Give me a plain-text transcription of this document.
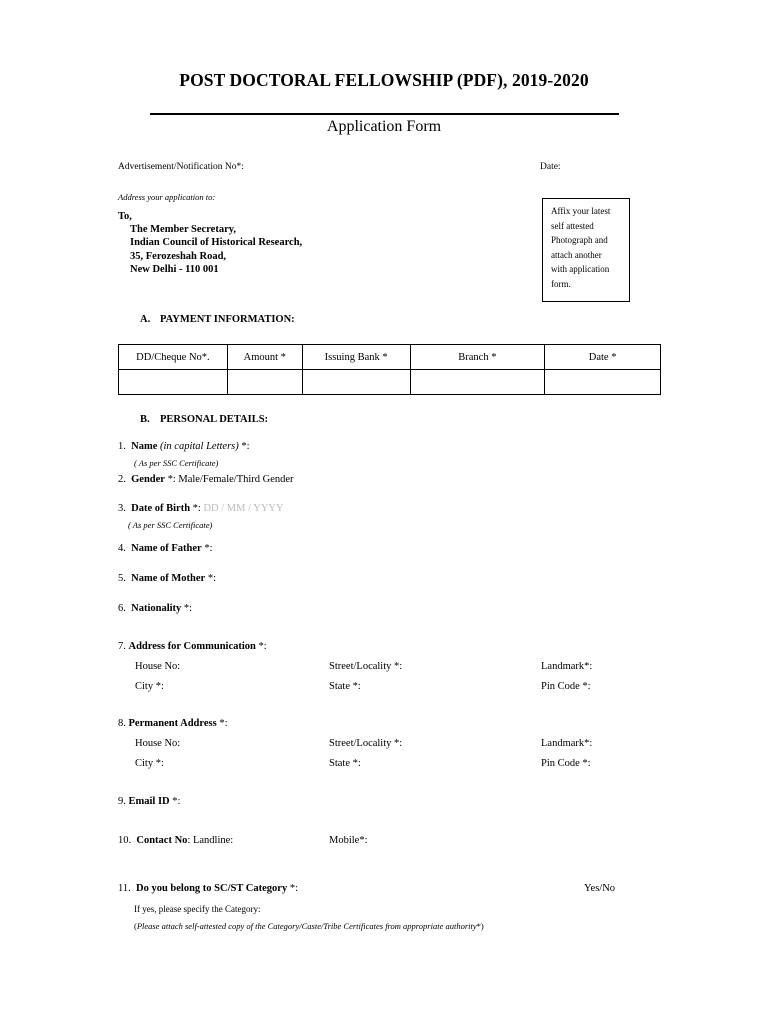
POST DOCTORAL FELLOWSHIP (PDF), 2019-2020
Application Form
Advertisement/Notification No*:	Date:
Address your application to:
To,
The Member Secretary,
Indian Council of Historical Research,
35, Ferozeshah Road,
New Delhi - 110 001
Affix your latest
self attested
Photograph and
attach another
with application
form.
A. PAYMENT INFORMATION:
DD/Cheque No*.	Amount *	Issuing Bank *	Branch *	Date *

B. PERSONAL DETAILS:
1. Name (in capital Letters) *:
( As per SSC Certificate)
2. Gender *: Male/Female/Third Gender
3. Date of Birth *: DD / MM / YYYY
( As per SSC Certificate)
4. Name of Father *:
5. Name of Mother *:
6. Nationality *:
7. Address for Communication *:
House No:	Street/Locality *:	Landmark*:
City *:	State *:	Pin Code *:
8. Permanent Address *:
House No:	Street/Locality *:	Landmark*:
City *:	State *:	Pin Code *:
9. Email ID *:
10. Contact No: Landline:	Mobile*:
11. Do you belong to SC/ST Category *:	Yes/No
If yes, please specify the Category:
(Please attach self-attested copy of the Category/Caste/Tribe Certificates from appropriate authority*)
